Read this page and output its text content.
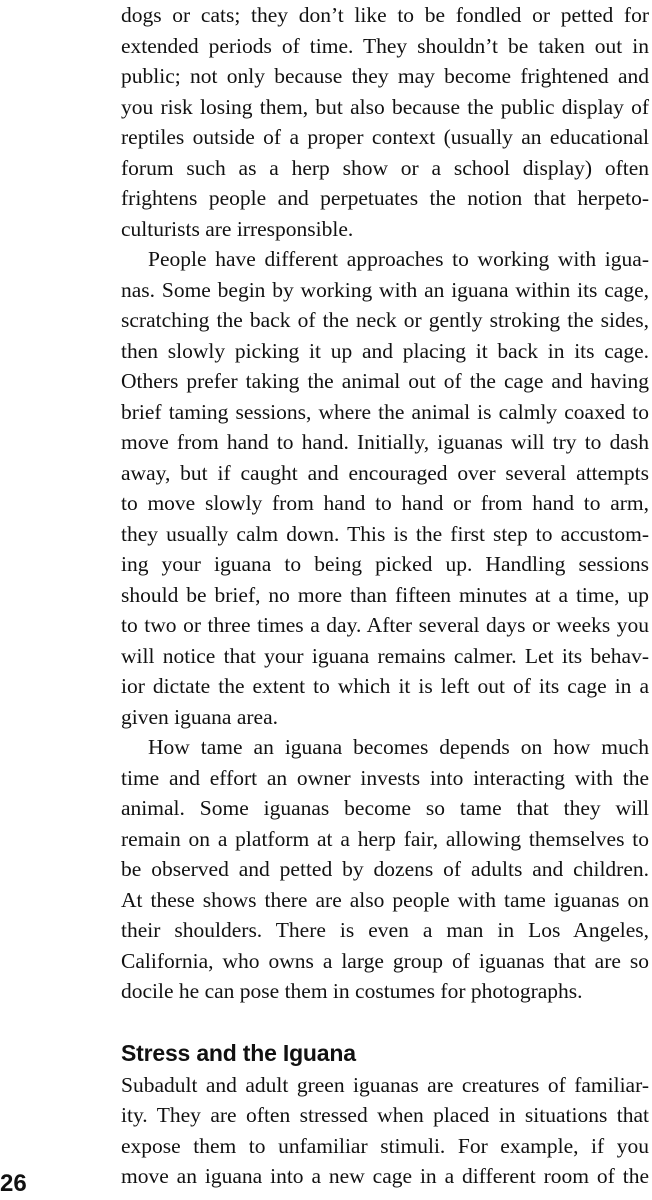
dogs or cats; they don’t like to be fondled or petted for
extended periods of time. They shouldn’t be taken out in
public; not only because they may become frightened and
you risk losing them, but also because the public display of
reptiles outside of a proper context (usually an educational
forum such as a herp show or a school display) often
frightens people and perpetuates the notion that herpeto-
culturists are irresponsible.
People have different approaches to working with igua-
nas. Some begin by working with an iguana within its cage,
scratching the back of the neck or gently stroking the sides,
then slowly picking it up and placing it back in its cage.
Others prefer taking the animal out of the cage and having
brief taming sessions, where the animal is calmly coaxed to
move from hand to hand. Initially, iguanas will try to dash
away, but if caught and encouraged over several attempts
to move slowly from hand to hand or from hand to arm,
they usually calm down. This is the first step to accustom-
ing your iguana to being picked up. Handling sessions
should be brief, no more than fifteen minutes at a time, up
to two or three times a day. After several days or weeks you
will notice that your iguana remains calmer. Let its behav-
ior dictate the extent to which it is left out of its cage in a
given iguana area.
How tame an iguana becomes depends on how much
time and effort an owner invests into interacting with the
animal. Some iguanas become so tame that they will
remain on a platform at a herp fair, allowing themselves to
be observed and petted by dozens of adults and children.
At these shows there are also people with tame iguanas on
their shoulders. There is even a man in Los Angeles,
California, who owns a large group of iguanas that are so
docile he can pose them in costumes for photographs.
Stress and the Iguana
Subadult and adult green iguanas are creatures of familiar-
ity. They are often stressed when placed in situations that
expose them to unfamiliar stimuli. For example, if you
move an iguana into a new cage in a different room of the
26
